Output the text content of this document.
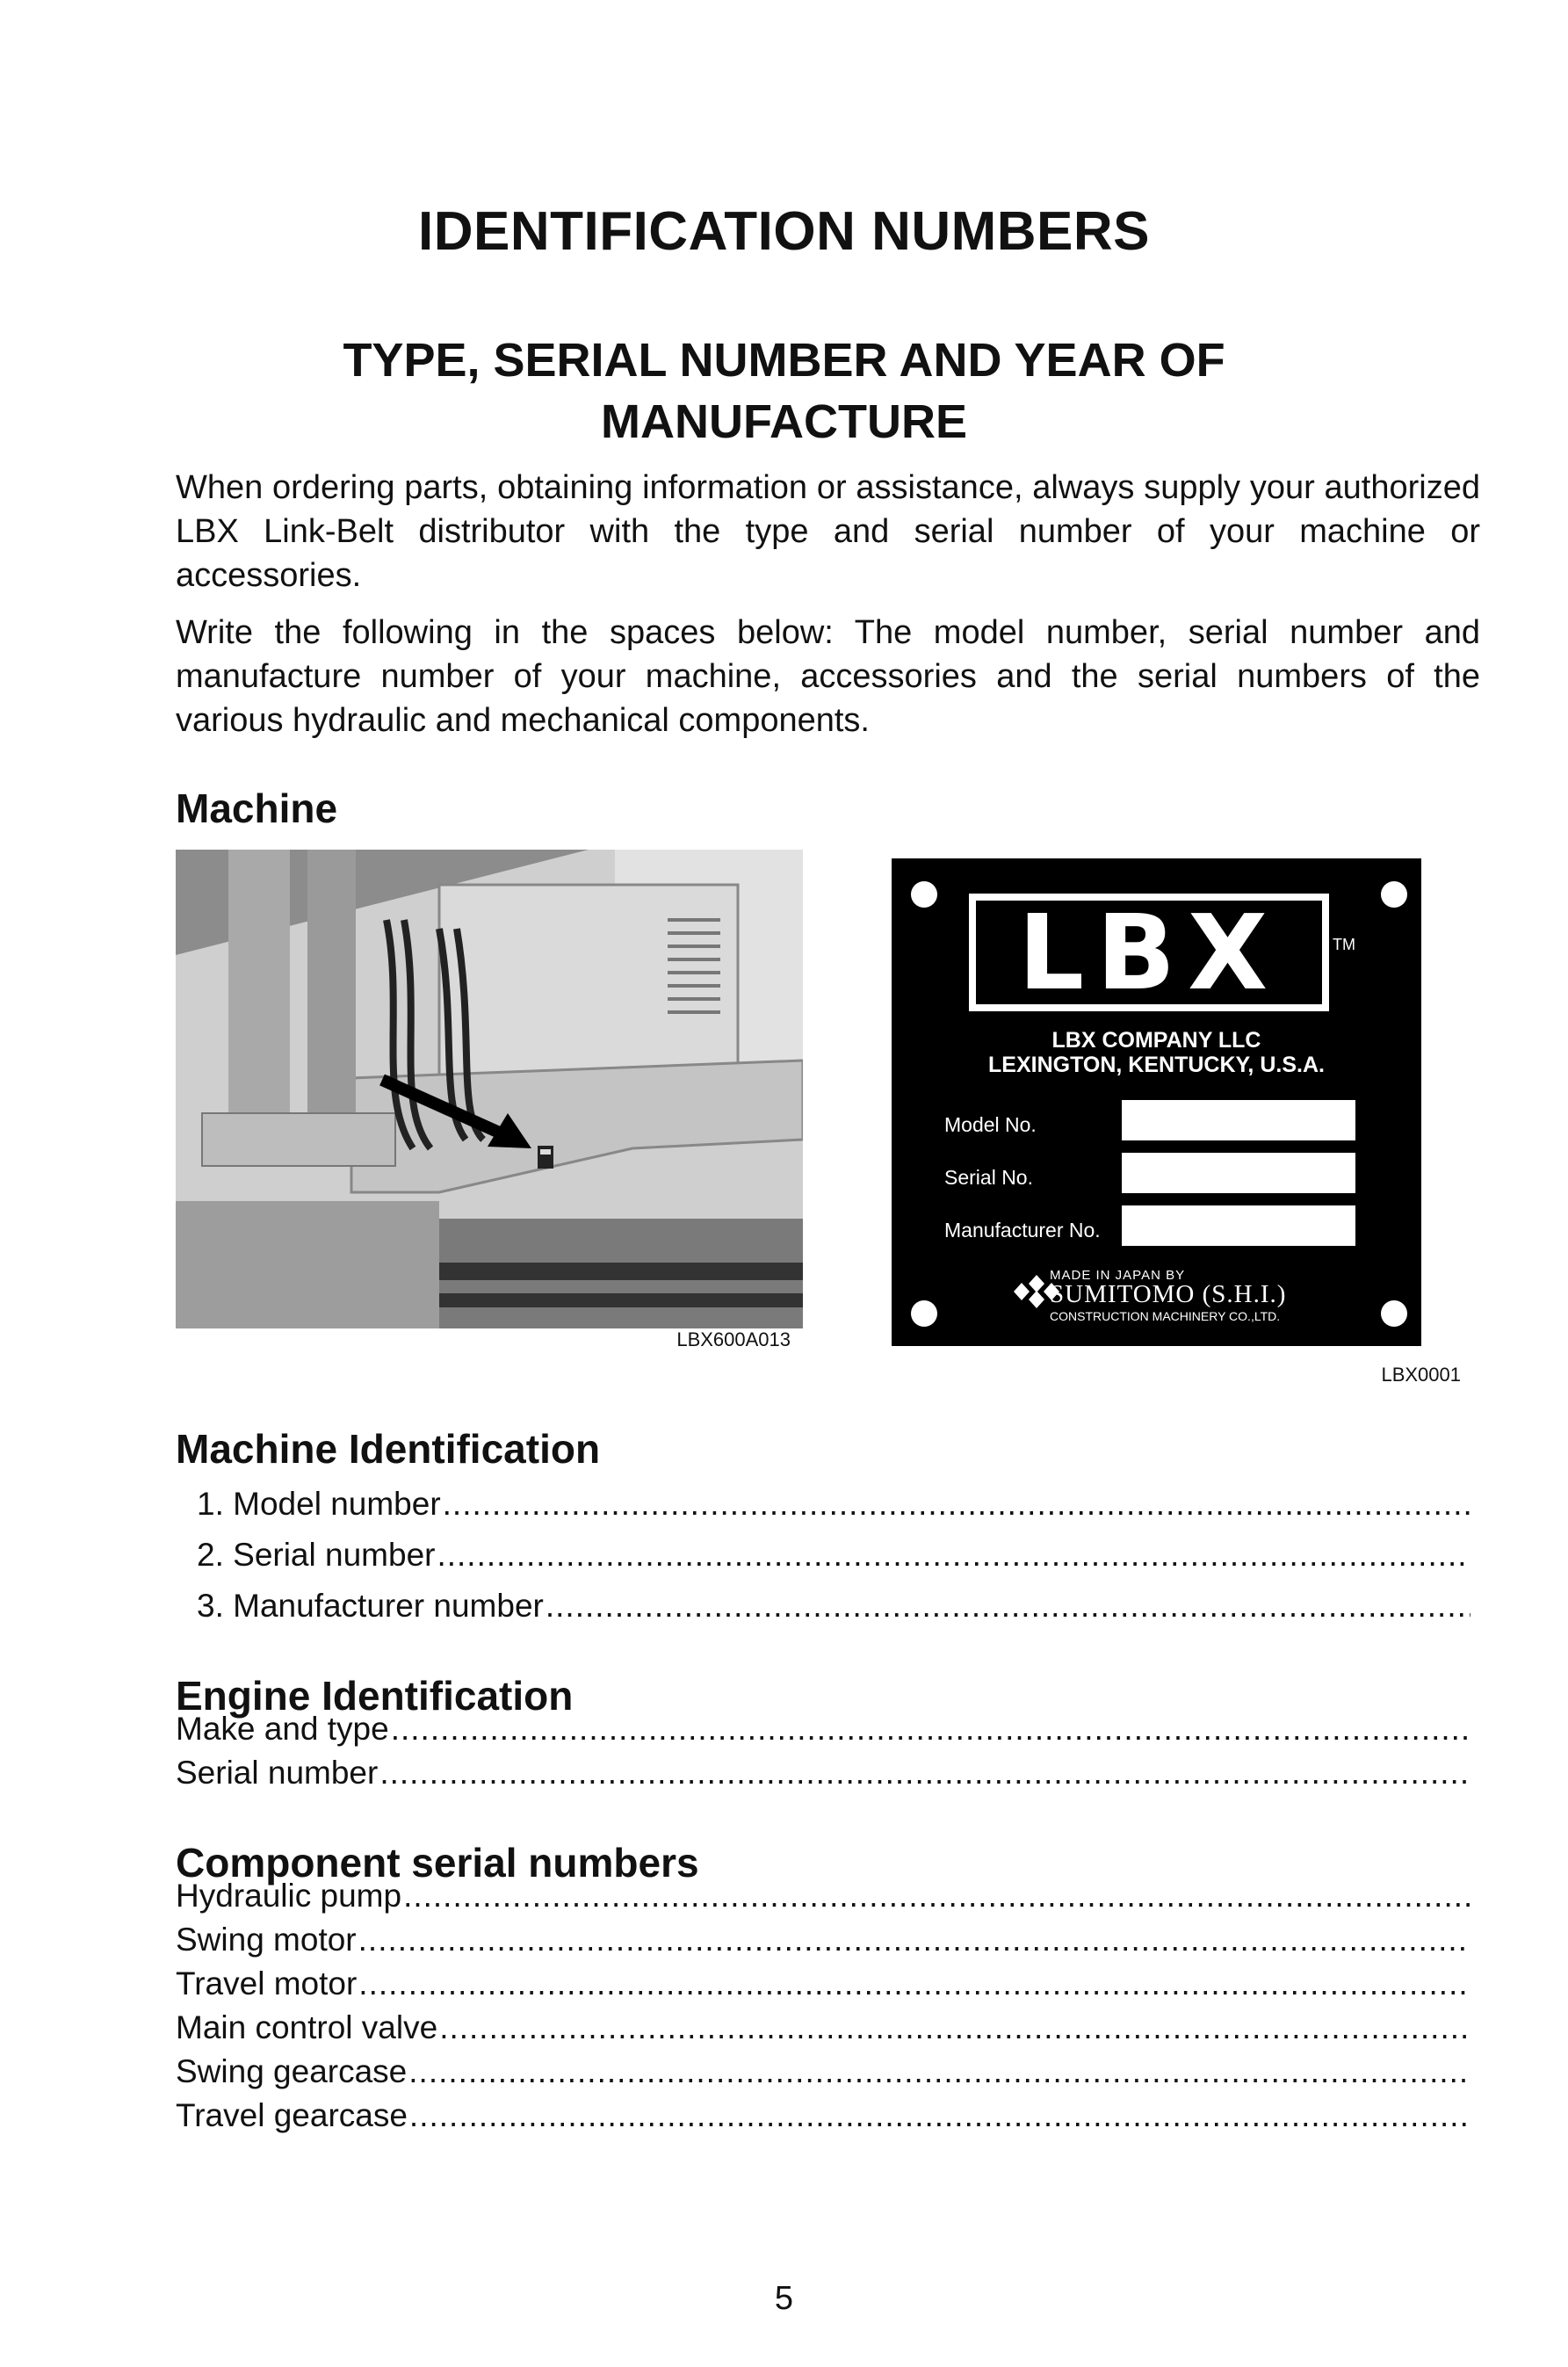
IDENTIFICATION NUMBERS
TYPE, SERIAL NUMBER AND YEAR OF
MANUFACTURE
When ordering parts, obtaining information or assistance, always supply your authorized LBX Link-Belt distributor with the type and serial number of your machine or accessories.
Write the following in the spaces below: The model number, serial number and manufacture number of your machine, accessories and the serial numbers of the various hydraulic and mechanical components.
Machine
LBX600A013
LBX	TM
LBX COMPANY LLC
LEXINGTON, KENTUCKY, U.S.A.
Model No.
Serial No.
Manufacturer No.
MADE IN JAPAN BY
SUMITOMO (S.H.I.)
CONSTRUCTION MACHINERY CO.,LTD.
LBX0001
Machine Identification
1. Model number
.....
2. Serial number
.....
3. Manufacturer number
.....
Engine Identification
Make and type
.....
Serial number
.....
Component serial numbers
Hydraulic pump
.....
Swing motor
.....
Travel motor
.....
Main control valve
.....
Swing gearcase
.....
Travel gearcase
.....
5
